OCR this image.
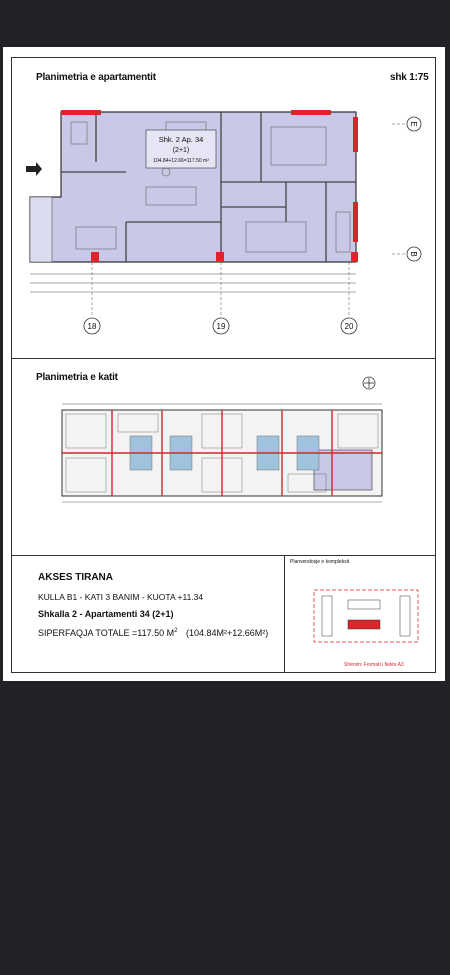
Planimetria e apartamentit	shk 1:75
Shk. 2 Ap. 34
(2+1)
104.84+12.66=117.50 m²
18	19	20
E
B
Planimetria e katit
AKSES TIRANA
KULLA B1 - KATI 3 BANIM - KUOTA +11.34
Shkalla 2 - Apartamenti 34 (2+1)
SIPERFAQJA TOTALE =117.50 $M^2$ (104.84M²+12.66M²)
Planvendosje e kompleksit
Shënim: Formati i fletës A3
